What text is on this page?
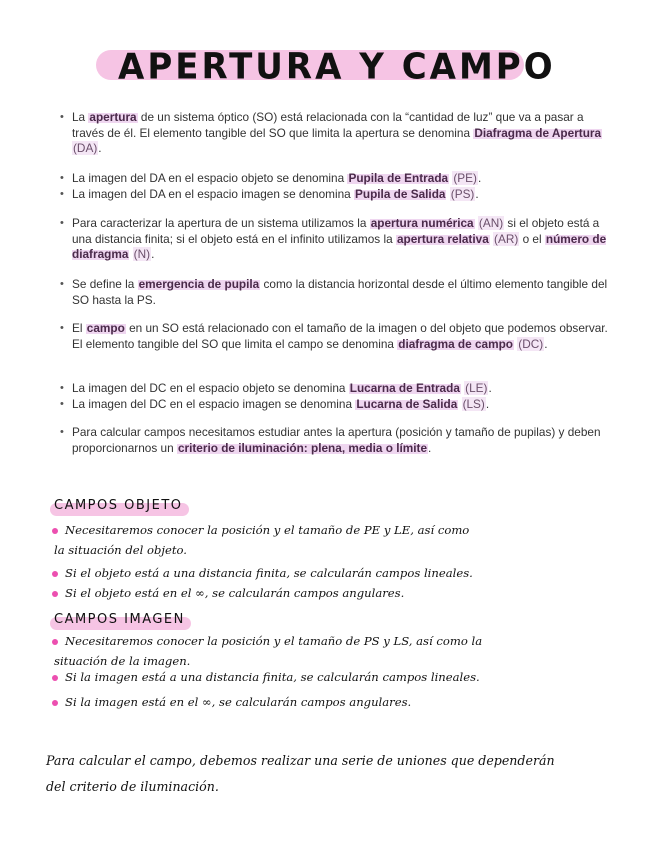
APERTURA Y CAMPO

• La apertura de un sistema óptico (SO) está relacionada con la “cantidad de luz” que va a pasar a través de él. El elemento tangible del SO que limita la apertura se denomina Diafragma de Apertura (DA).

• La imagen del DA en el espacio objeto se denomina Pupila de Entrada (PE).

• La imagen del DA en el espacio imagen se denomina Pupila de Salida (PS).

• Para caracterizar la apertura de un sistema utilizamos la apertura numérica (AN) si el objeto está a una distancia finita; si el objeto está en el infinito utilizamos la apertura relativa (AR) o el número de diafragma (N).

• Se define la emergencia de pupila como la distancia horizontal desde el último elemento tangible del SO hasta la PS.

• El campo en un SO está relacionado con el tamaño de la imagen o del objeto que podemos observar. El elemento tangible del SO que limita el campo se denomina diafragma de campo (DC).

• La imagen del DC en el espacio objeto se denomina Lucarna de Entrada (LE).

• La imagen del DC en el espacio imagen se denomina Lucarna de Salida (LS).

• Para calcular campos necesitamos estudiar antes la apertura (posición y tamaño de pupilas) y deben proporcionarnos un criterio de iluminación: plena, media o límite.

CAMPOS OBJETO
Necesitaremos conocer la posición y el tamaño de PE y LE, así como
la situación del objeto.
Si el objeto está a una distancia finita, se calcularán campos lineales.
Si el objeto está en el ∞, se calcularán campos angulares.
CAMPOS IMAGEN
Necesitaremos conocer la posición y el tamaño de PS y LS, así como la
situación de la imagen.
Si la imagen está a una distancia finita, se calcularán campos lineales.
Si la imagen está en el ∞, se calcularán campos angulares.
Para calcular el campo, debemos realizar una serie de uniones que dependerán
del criterio de iluminación.
